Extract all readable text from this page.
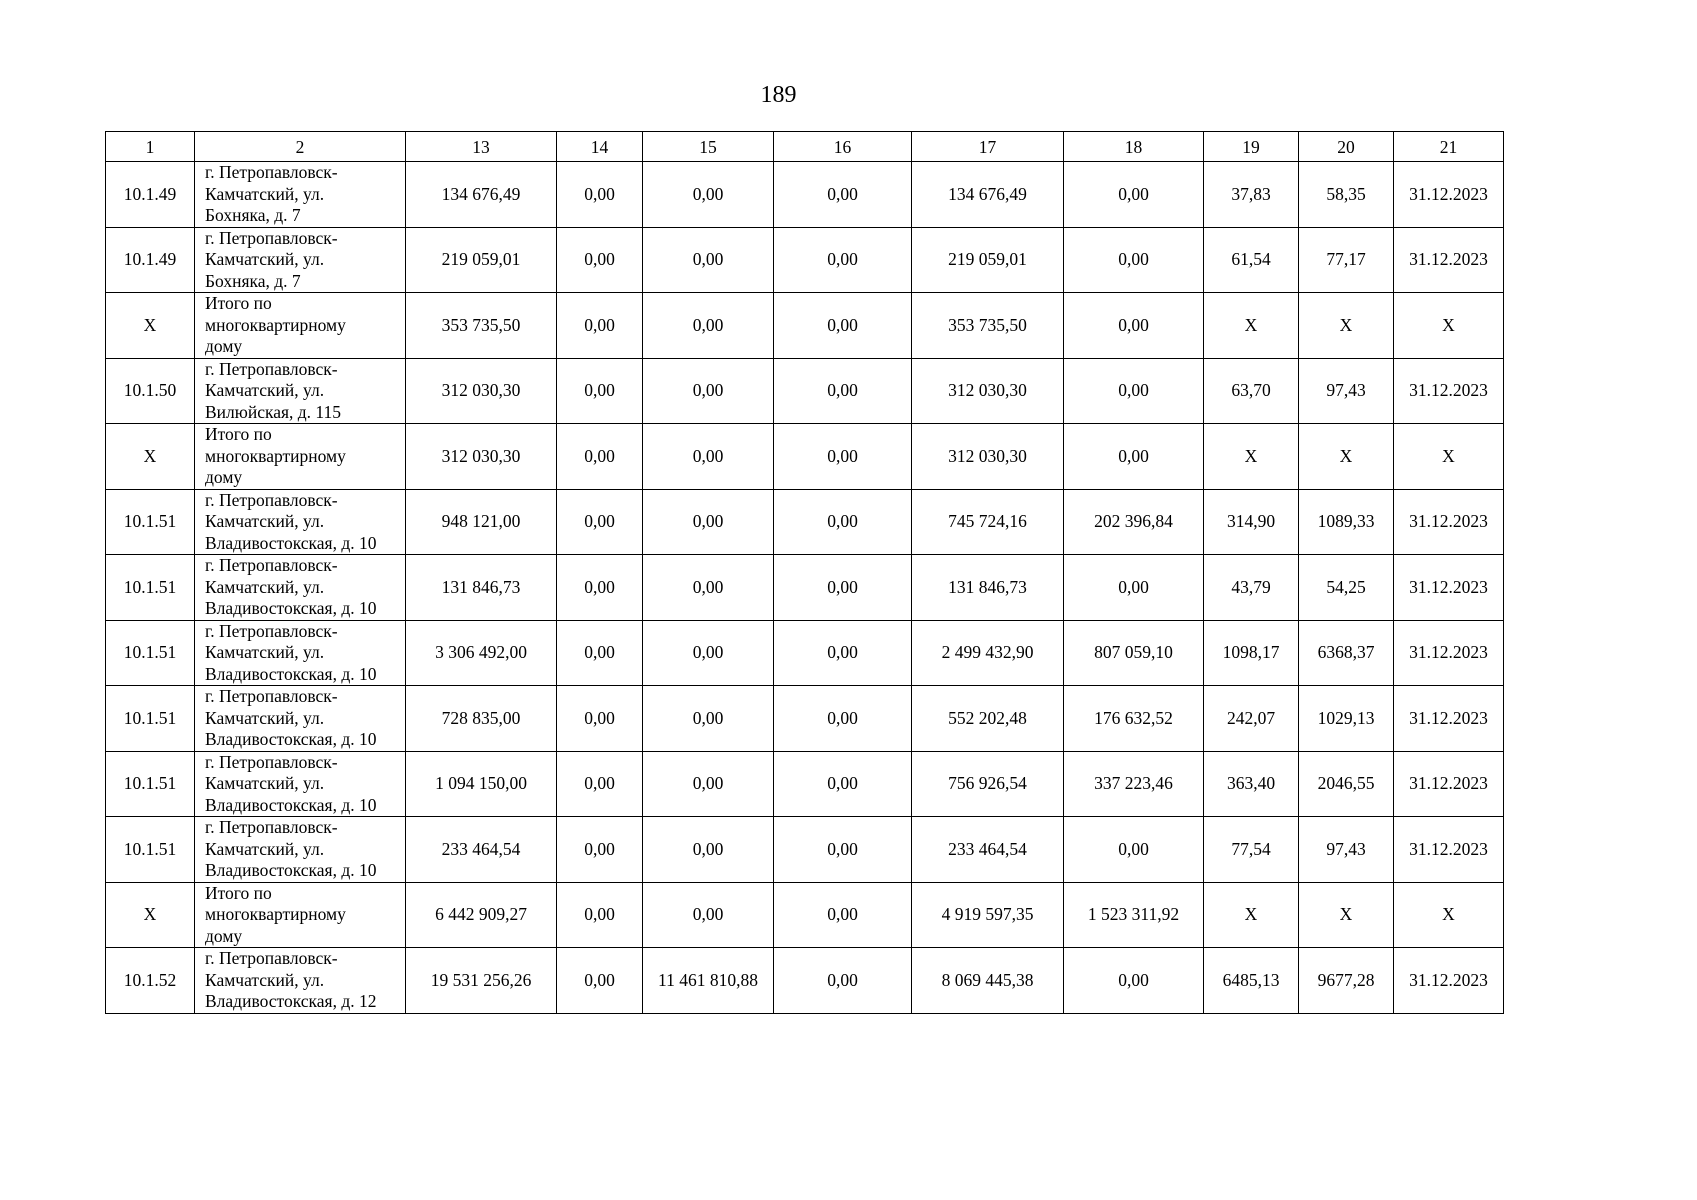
189
1	2	13	14	15	16	17	18	19	20	21
10.1.49	г. Петропавловск-
Камчатский, ул.
Бохняка, д. 7	134 676,49	0,00	0,00	0,00	134 676,49	0,00	37,83	58,35	31.12.2023
10.1.49	г. Петропавловск-
Камчатский, ул.
Бохняка, д. 7	219 059,01	0,00	0,00	0,00	219 059,01	0,00	61,54	77,17	31.12.2023
Х	Итого по
многоквартирному
дому	353 735,50	0,00	0,00	0,00	353 735,50	0,00	Х	Х	Х
10.1.50	г. Петропавловск-
Камчатский, ул.
Вилюйская, д. 115	312 030,30	0,00	0,00	0,00	312 030,30	0,00	63,70	97,43	31.12.2023
Х	Итого по
многоквартирному
дому	312 030,30	0,00	0,00	0,00	312 030,30	0,00	Х	Х	Х
10.1.51	г. Петропавловск-
Камчатский, ул.
Владивостокская, д. 10	948 121,00	0,00	0,00	0,00	745 724,16	202 396,84	314,90	1089,33	31.12.2023
10.1.51	г. Петропавловск-
Камчатский, ул.
Владивостокская, д. 10	131 846,73	0,00	0,00	0,00	131 846,73	0,00	43,79	54,25	31.12.2023
10.1.51	г. Петропавловск-
Камчатский, ул.
Владивостокская, д. 10	3 306 492,00	0,00	0,00	0,00	2 499 432,90	807 059,10	1098,17	6368,37	31.12.2023
10.1.51	г. Петропавловск-
Камчатский, ул.
Владивостокская, д. 10	728 835,00	0,00	0,00	0,00	552 202,48	176 632,52	242,07	1029,13	31.12.2023
10.1.51	г. Петропавловск-
Камчатский, ул.
Владивостокская, д. 10	1 094 150,00	0,00	0,00	0,00	756 926,54	337 223,46	363,40	2046,55	31.12.2023
10.1.51	г. Петропавловск-
Камчатский, ул.
Владивостокская, д. 10	233 464,54	0,00	0,00	0,00	233 464,54	0,00	77,54	97,43	31.12.2023
Х	Итого по
многоквартирному
дому	6 442 909,27	0,00	0,00	0,00	4 919 597,35	1 523 311,92	Х	Х	Х
10.1.52	г. Петропавловск-
Камчатский, ул.
Владивостокская, д. 12	19 531 256,26	0,00	11 461 810,88	0,00	8 069 445,38	0,00	6485,13	9677,28	31.12.2023
